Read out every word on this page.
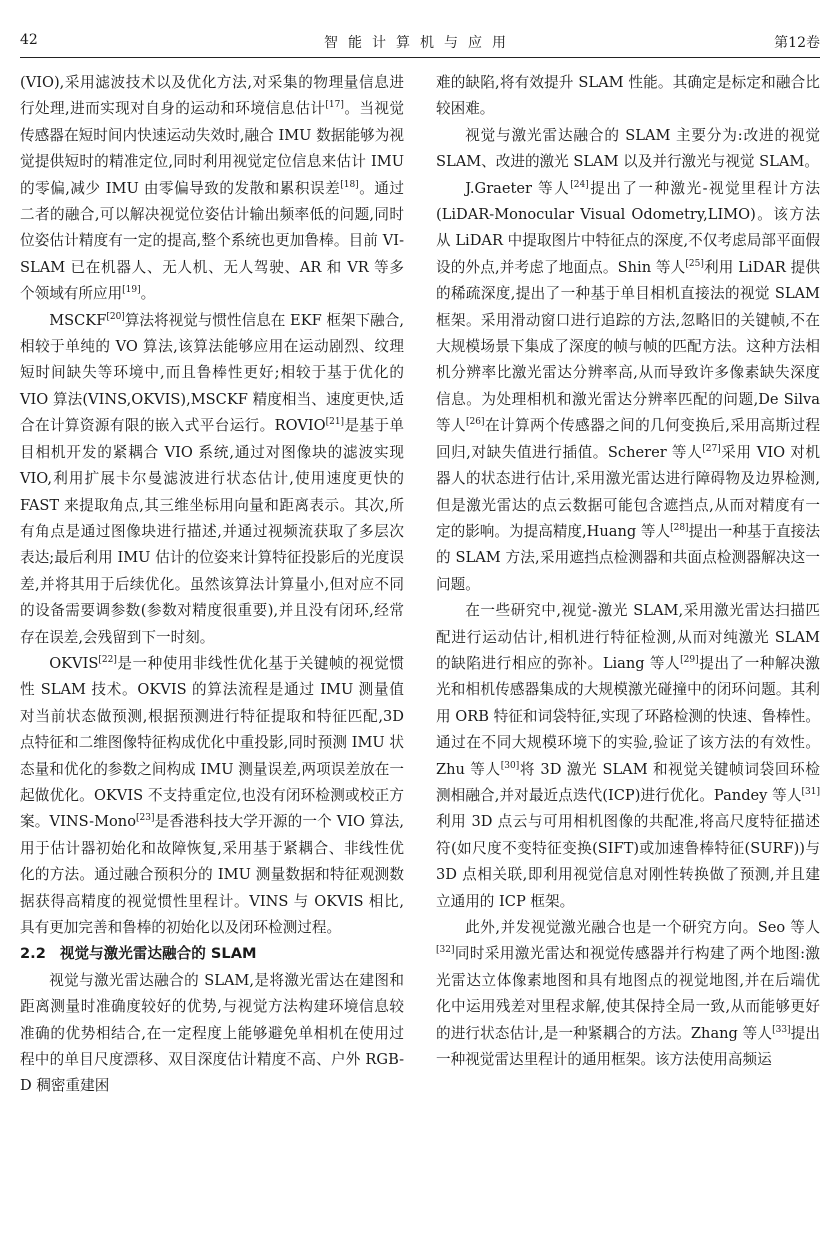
42	智能计算机与应用	第12卷

(VIO),采用滤波技术以及优化方法,对采集的物理量信息进行处理,进而实现对自身的运动和环境信息估计[17]。当视觉传感器在短时间内快速运动失效时,融合 IMU 数据能够为视觉提供短时的精准定位,同时利用视觉定位信息来估计 IMU 的零偏,减少 IMU 由零偏导致的发散和累积误差[18]。通过二者的融合,可以解决视觉位姿估计输出频率低的问题,同时位姿估计精度有一定的提高,整个系统也更加鲁棒。目前 VI-SLAM 已在机器人、无人机、无人驾驶、AR 和 VR 等多个领域有所应用[19]。

MSCKF[20]算法将视觉与惯性信息在 EKF 框架下融合,相较于单纯的 VO 算法,该算法能够应用在运动剧烈、纹理短时间缺失等环境中,而且鲁棒性更好;相较于基于优化的 VIO 算法(VINS,OKVIS),MSCKF 精度相当、速度更快,适合在计算资源有限的嵌入式平台运行。ROVIO[21]是基于单目相机开发的紧耦合 VIO 系统,通过对图像块的滤波实现 VIO,利用扩展卡尔曼滤波进行状态估计,使用速度更快的 FAST 来提取角点,其三维坐标用向量和距离表示。其次,所有角点是通过图像块进行描述,并通过视频流获取了多层次表达;最后利用 IMU 估计的位姿来计算特征投影后的光度误差,并将其用于后续优化。虽然该算法计算量小,但对应不同的设备需要调参数(参数对精度很重要),并且没有闭环,经常存在误差,会残留到下一时刻。

OKVIS[22]是一种使用非线性优化基于关键帧的视觉惯性 SLAM 技术。OKVIS 的算法流程是通过 IMU 测量值对当前状态做预测,根据预测进行特征提取和特征匹配,3D 点特征和二维图像特征构成优化中重投影,同时预测 IMU 状态量和优化的参数之间构成 IMU 测量误差,两项误差放在一起做优化。OKVIS 不支持重定位,也没有闭环检测或校正方案。VINS-Mono[23]是香港科技大学开源的一个 VIO 算法,用于估计器初始化和故障恢复,采用基于紧耦合、非线性优化的方法。通过融合预积分的 IMU 测量数据和特征观测数据获得高精度的视觉惯性里程计。VINS 与 OKVIS 相比,具有更加完善和鲁棒的初始化以及闭环检测过程。

2.2 视觉与激光雷达融合的 SLAM

视觉与激光雷达融合的 SLAM,是将激光雷达在建图和距离测量时准确度较好的优势,与视觉方法构建环境信息较准确的优势相结合,在一定程度上能够避免单相机在使用过程中的单目尺度漂移、双目深度估计精度不高、户外 RGB-D 稠密重建困

难的缺陷,将有效提升 SLAM 性能。其确定是标定和融合比较困难。

视觉与激光雷达融合的 SLAM 主要分为:改进的视觉 SLAM、改进的激光 SLAM 以及并行激光与视觉 SLAM。

J.Graeter 等人[24]提出了一种激光-视觉里程计方法(LiDAR-Monocular Visual Odometry,LIMO)。该方法从 LiDAR 中提取图片中特征点的深度,不仅考虑局部平面假设的外点,并考虑了地面点。Shin 等人[25]利用 LiDAR 提供的稀疏深度,提出了一种基于单目相机直接法的视觉 SLAM 框架。采用滑动窗口进行追踪的方法,忽略旧的关键帧,不在大规模场景下集成了深度的帧与帧的匹配方法。这种方法相机分辨率比激光雷达分辨率高,从而导致许多像素缺失深度信息。为处理相机和激光雷达分辨率匹配的问题,De Silva 等人[26]在计算两个传感器之间的几何变换后,采用高斯过程回归,对缺失值进行插值。Scherer 等人[27]采用 VIO 对机器人的状态进行估计,采用激光雷达进行障碍物及边界检测,但是激光雷达的点云数据可能包含遮挡点,从而对精度有一定的影响。为提高精度,Huang 等人[28]提出一种基于直接法的 SLAM 方法,采用遮挡点检测器和共面点检测器解决这一问题。

在一些研究中,视觉-激光 SLAM,采用激光雷达扫描匹配进行运动估计,相机进行特征检测,从而对纯激光 SLAM 的缺陷进行相应的弥补。Liang 等人[29]提出了一种解决激光和相机传感器集成的大规模激光碰撞中的闭环问题。其利用 ORB 特征和词袋特征,实现了环路检测的快速、鲁棒性。通过在不同大规模环境下的实验,验证了该方法的有效性。Zhu 等人[30]将 3D 激光 SLAM 和视觉关键帧词袋回环检测相融合,并对最近点迭代(ICP)进行优化。Pandey 等人[31]利用 3D 点云与可用相机图像的共配准,将高尺度特征描述符(如尺度不变特征变换(SIFT)或加速鲁棒特征(SURF))与 3D 点相关联,即利用视觉信息对刚性转换做了预测,并且建立通用的 ICP 框架。

此外,并发视觉激光融合也是一个研究方向。Seo 等人[32]同时采用激光雷达和视觉传感器并行构建了两个地图:激光雷达立体像素地图和具有地图点的视觉地图,并在后端优化中运用残差对里程求解,使其保持全局一致,从而能够更好的进行状态估计,是一种紧耦合的方法。Zhang 等人[33]提出一种视觉雷达里程计的通用框架。该方法使用高频运
